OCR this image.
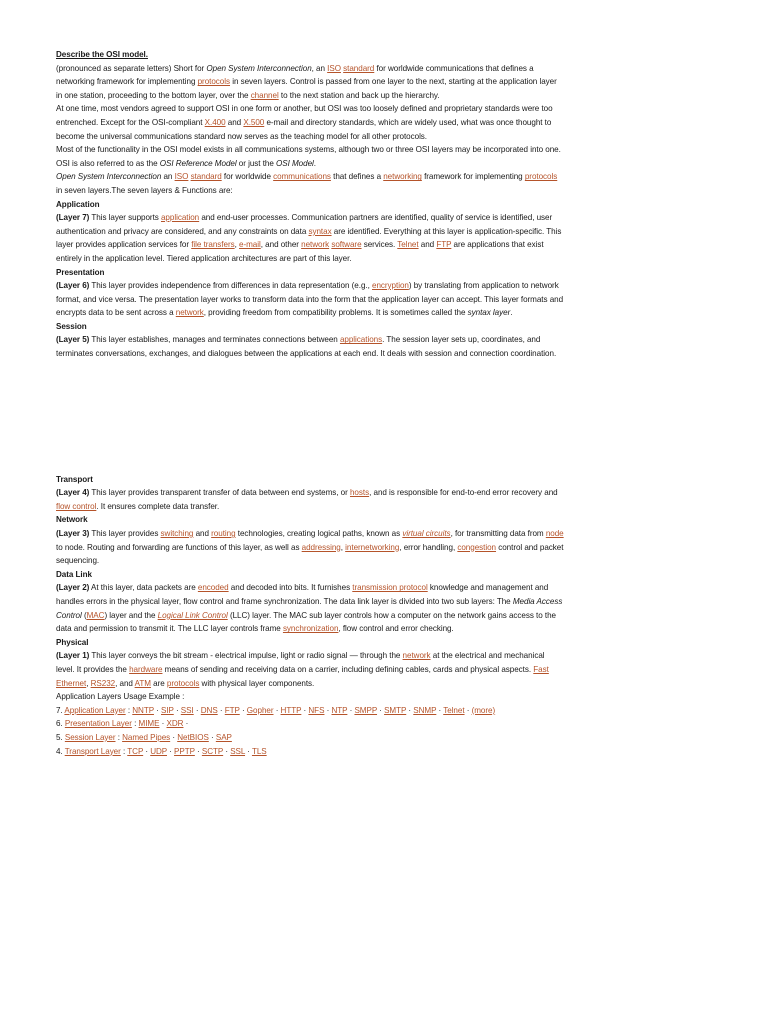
Describe the OSI model.

(pronounced as separate letters) Short for Open System Interconnection, an ISO standard for worldwide communications that defines a networking framework for implementing protocols in seven layers. Control is passed from one layer to the next, starting at the application layer in one station, proceeding to the bottom layer, over the channel to the next station and back up the hierarchy.

At one time, most vendors agreed to support OSI in one form or another, but OSI was too loosely defined and proprietary standards were too entrenched. Except for the OSI-compliant X.400 and X.500 e-mail and directory standards, which are widely used, what was once thought to become the universal communications standard now serves as the teaching model for all other protocols.

Most of the functionality in the OSI model exists in all communications systems, although two or three OSI layers may be incorporated into one.

OSI is also referred to as the OSI Reference Model or just the OSI Model.

Open System Interconnection an ISO standard for worldwide communications that defines a networking framework for implementing protocols in seven layers.The seven layers & Functions are:

Application

(Layer 7) This layer supports application and end-user processes. Communication partners are identified, quality of service is identified, user authentication and privacy are considered, and any constraints on data syntax are identified. Everything at this layer is application-specific. This layer provides application services for file transfers, e-mail, and other network software services. Telnet and FTP are applications that exist entirely in the application level. Tiered application architectures are part of this layer.

Presentation

(Layer 6) This layer provides independence from differences in data representation (e.g., encryption) by translating from application to network format, and vice versa. The presentation layer works to transform data into the form that the application layer can accept. This layer formats and encrypts data to be sent across a network, providing freedom from compatibility problems. It is sometimes called the syntax layer.

Session

(Layer 5) This layer establishes, manages and terminates connections between applications. The session layer sets up, coordinates, and terminates conversations, exchanges, and dialogues between the applications at each end. It deals with session and connection coordination.

Transport

(Layer 4) This layer provides transparent transfer of data between end systems, or hosts, and is responsible for end-to-end error recovery and flow control. It ensures complete data transfer.

Network

(Layer 3) This layer provides switching and routing technologies, creating logical paths, known as virtual circuits, for transmitting data from node to node. Routing and forwarding are functions of this layer, as well as addressing, internetworking, error handling, congestion control and packet sequencing.

Data Link

(Layer 2) At this layer, data packets are encoded and decoded into bits. It furnishes transmission protocol knowledge and management and handles errors in the physical layer, flow control and frame synchronization. The data link layer is divided into two sub layers: The Media Access Control (MAC) layer and the Logical Link Control (LLC) layer. The MAC sub layer controls how a computer on the network gains access to the data and permission to transmit it. The LLC layer controls frame synchronization, flow control and error checking.

Physical

(Layer 1) This layer conveys the bit stream - electrical impulse, light or radio signal — through the network at the electrical and mechanical level. It provides the hardware means of sending and receiving data on a carrier, including defining cables, cards and physical aspects. Fast Ethernet, RS232, and ATM are protocols with physical layer components.

Application Layers Usage Example :

7. Application Layer : NNTP · SIP · SSI · DNS · FTP · Gopher · HTTP · NFS · NTP · SMPP · SMTP · SNMP · Telnet · (more)

6. Presentation Layer : MIME · XDR ·

5. Session Layer : Named Pipes · NetBIOS · SAP

4. Transport Layer : TCP · UDP · PPTP · SCTP · SSL · TLS
